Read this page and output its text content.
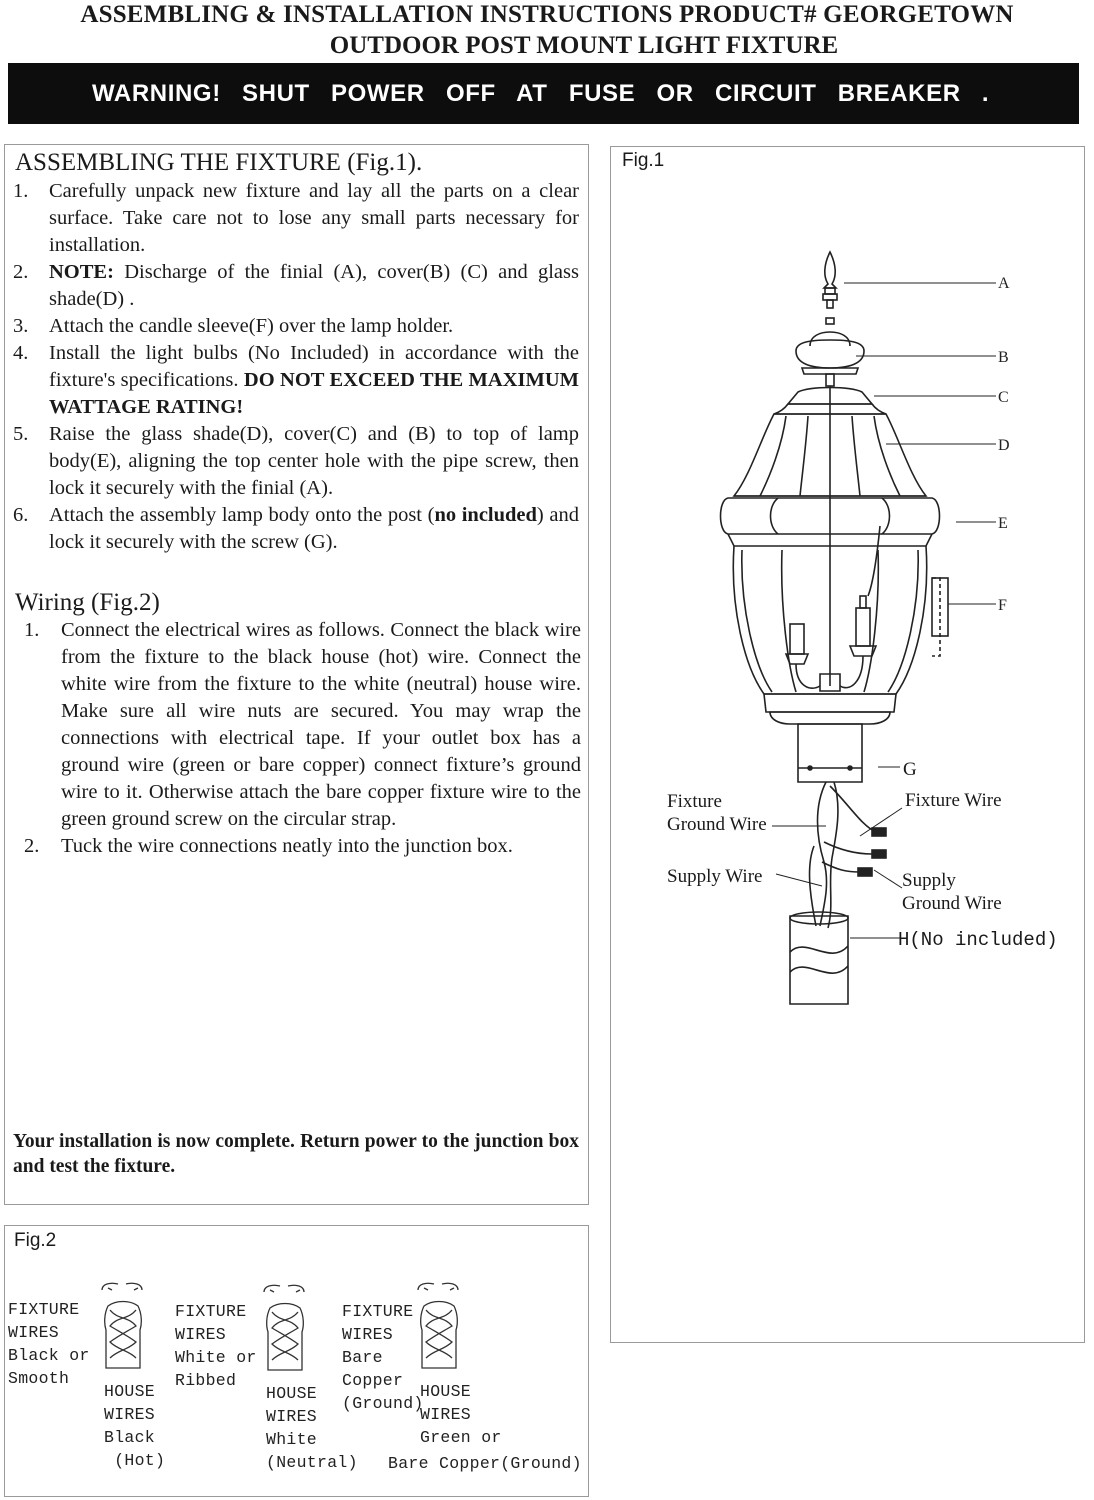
ASSEMBLING & INSTALLATION INSTRUCTIONS PRODUCT# GEORGETOWN
OUTDOOR POST MOUNT LIGHT FIXTURE
WARNING! SHUT POWER OFF AT FUSE OR CIRCUIT BREAKER .
ASSEMBLING THE FIXTURE (Fig.1).
1. Carefully unpack new fixture and lay all the parts on a clear surface. Take care not to lose any small parts necessary for installation.
2. NOTE: Discharge of the finial (A), cover(B) (C) and glass shade(D) .
3. Attach the candle sleeve(F) over the lamp holder.
4. Install the light bulbs (No Included) in accordance with the fixture's specifications. DO NOT EXCEED THE MAXIMUM WATTAGE RATING!
5. Raise the glass shade(D), cover(C) and (B) to top of lamp body(E), aligning the top center hole with the pipe screw, then lock it securely with the finial (A).
6. Attach the assembly lamp body onto the post (no included) and lock it securely with the screw (G).
Wiring (Fig.2)
1. Connect the electrical wires as follows. Connect the black wire from the fixture to the black house (hot) wire. Connect the white wire from the fixture to the white (neutral) house wire. Make sure all wire nuts are secured. You may wrap the connections with electrical tape. If your outlet box has a ground wire (green or bare copper) connect fixture’s ground wire to it. Otherwise attach the bare copper fixture wire to the green ground screw on the circular strap.
2. Tuck the wire connections neatly into the junction box.
Your installation is now complete. Return power to the junction box and test the fixture.
Fig.1
A
B
C
D
E
F
G
Fixture
Ground Wire
Fixture Wire
Supply Wire	Supply
Ground Wire
H(No included)
Fig.2
FIXTURE
WIRES
Black or
Smooth
HOUSE
WIRES
Black
(Hot)
FIXTURE
WIRES
White or
Ribbed
HOUSE
WIRES
White
(Neutral)
FIXTURE
WIRES
Bare
Copper
(Ground)
HOUSE
WIRES
Green or
Bare Copper(Ground)
